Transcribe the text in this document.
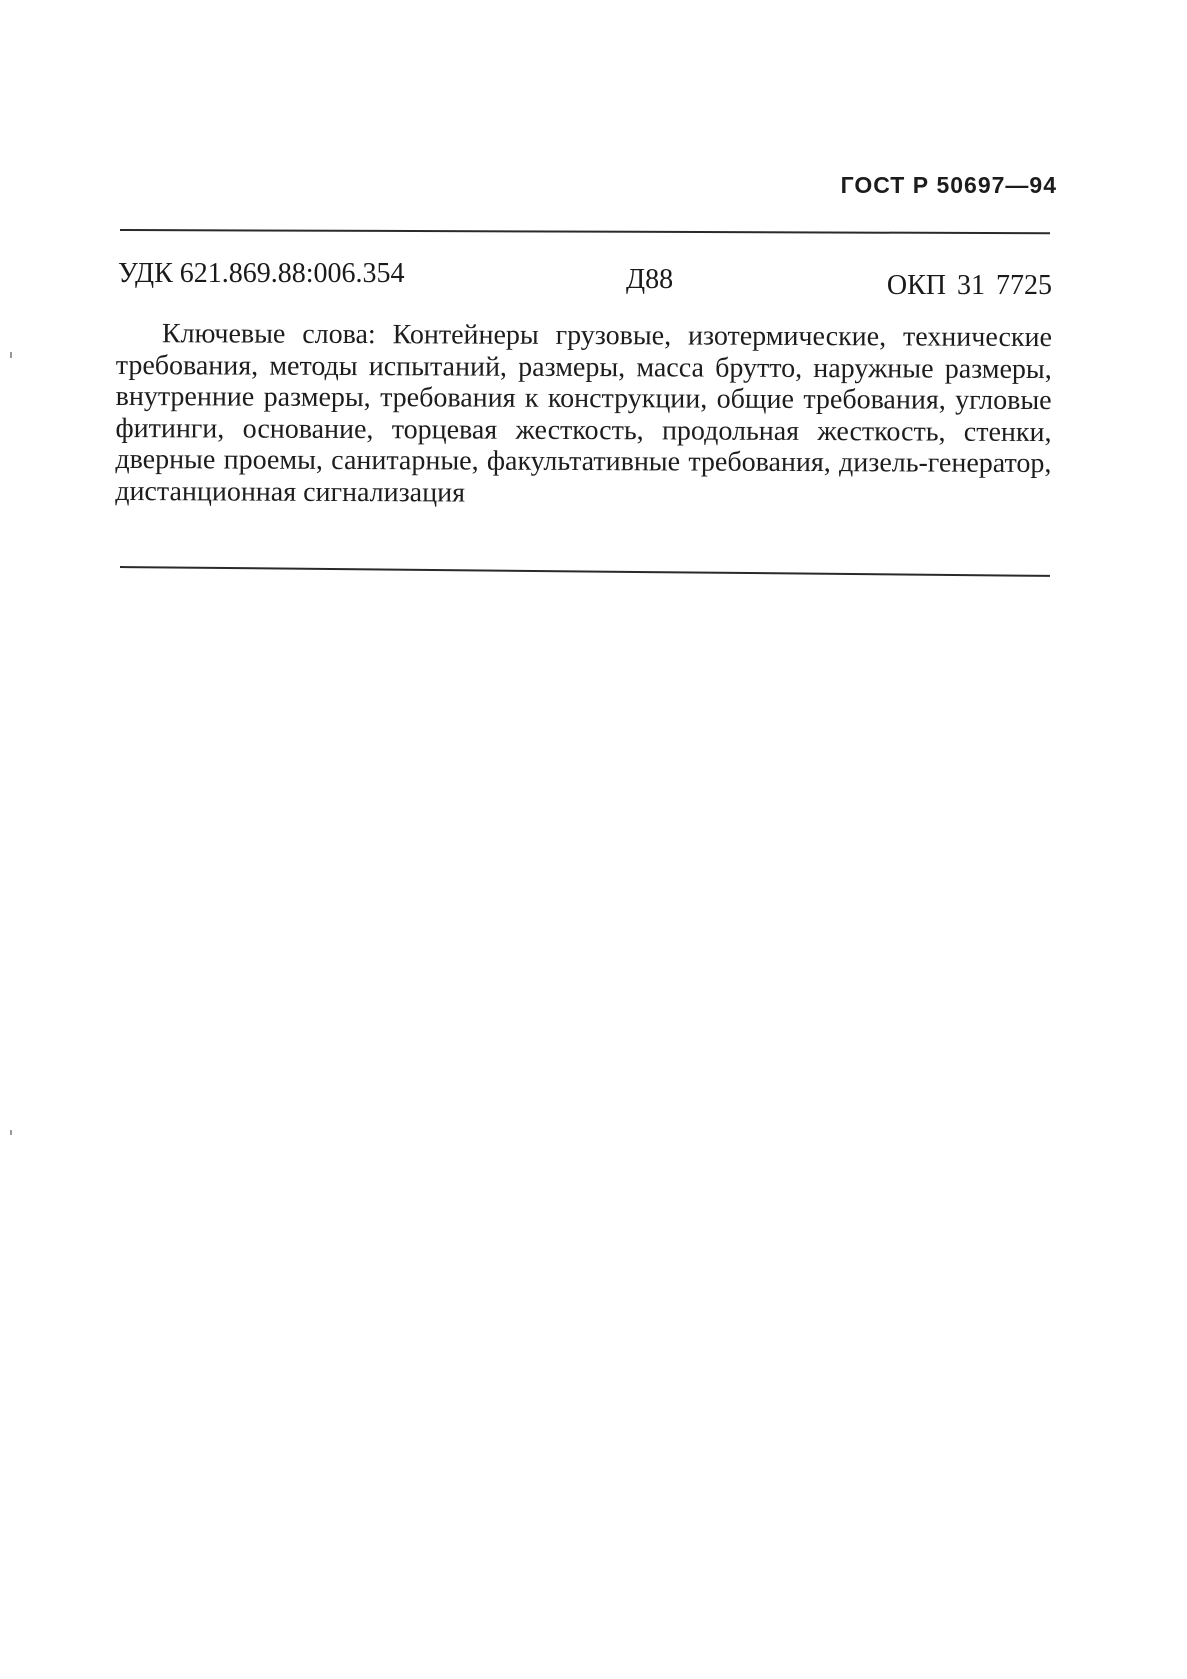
ГОСТ Р 50697—94
УДК 621.869.88:006.354	Д88	ОКП 31 7725

Ключевые слова: Контейнеры грузовые, изотермические, технические требования, методы испытаний, размеры, масса брутто, наружные размеры, внутренние размеры, требования к конструкции, общие требования, угловые фитинги, основание, торцевая жесткость, продольная жесткость, стенки, дверные проемы, санитарные, факультативные требования, дизель-генератор, дистанционная сигнализация
